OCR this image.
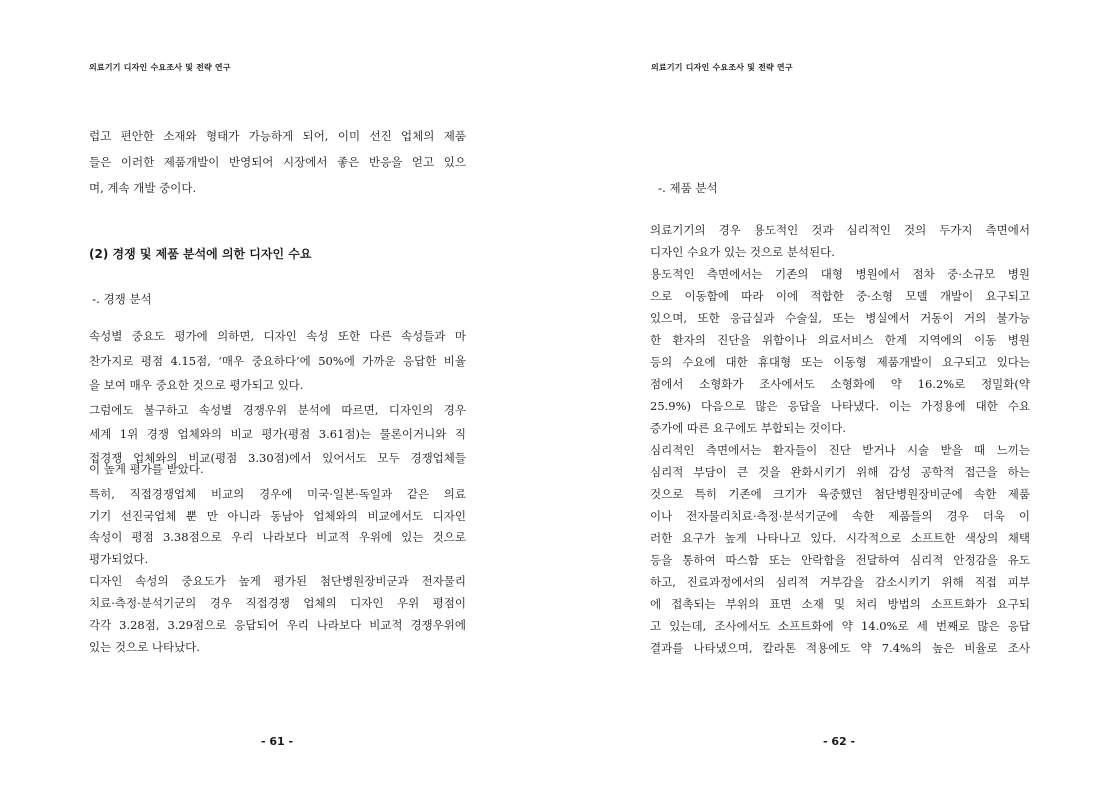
의료기기 디자인 수요조사 및 전략 연구
럽고 편안한 소재와 형태가 가능하게 되어, 이미 선진 업체의 제품
들은 이러한 제품개발이 반영되어 시장에서 좋은 반응을 얻고 있으
며, 계속 개발 중이다.
(2) 경쟁 및 제품 분석에 의한 디자인 수요
-. 경쟁 분석
속성별 중요도 평가에 의하면, 디자인 속성 또한 다른 속성들과 마
찬가지로 평점 4.15점, ‘매우 중요하다’에 50%에 가까운 응답한 비율
을 보여 매우 중요한 것으로 평가되고 있다.
그럼에도 불구하고 속성별 경쟁우위 분석에 따르면, 디자인의 경우
세계 1위 경쟁 업체와의 비교 평가(평점 3.61점)는 물론이거니와 직
접경쟁 업체와의 비교(평점 3.30점)에서 있어서도 모두 경쟁업체들
이 높게 평가를 받았다.
특히, 직접경쟁업체 비교의 경우에 미국·일본·독일과 같은 의료
기기 선진국업체 뿐 만 아니라 동남아 업체와의 비교에서도 디자인
속성이 평점 3.38점으로 우리 나라보다 비교적 우위에 있는 것으로
평가되었다.
디자인 속성의 중요도가 높게 평가된 첨단병원장비군과 전자물리
치료·측정·분석기군의 경우 직접경쟁 업체의 디자인 우위 평점이
각각 3.28점, 3.29점으로 응답되어 우리 나라보다 비교적 경쟁우위에
있는 것으로 나타났다.
- 61 -
의료기기 디자인 수요조사 및 전략 연구
-. 제품 분석
의료기기의 경우 용도적인 것과 심리적인 것의 두가지 측면에서
디자인 수요가 있는 것으로 분석된다.
용도적인 측면에서는 기존의 대형 병원에서 점차 중·소규모 병원
으로 이동함에 따라 이에 적합한 중·소형 모델 개발이 요구되고
있으며, 또한 응급실과 수술실, 또는 병실에서 거동이 거의 불가능
한 환자의 진단을 위함이나 의료서비스 한계 지역에의 이동 병원
등의 수요에 대한 휴대형 또는 이동형 제품개발이 요구되고 있다는
점에서 소형화가 조사에서도 소형화에 약 16.2%로 정밀화(약
25.9%) 다음으로 많은 응답을 나타냈다. 이는 가정용에 대한 수요
증가에 따른 요구에도 부합되는 것이다.
심리적인 측면에서는 환자들이 진단 받거나 시술 받을 때 느끼는
심리적 부담이 큰 것을 완화시키기 위해 감성 공학적 접근을 하는
것으로 특히 기존에 크기가 육중했던 첨단병원장비군에 속한 제품
이나 전자물리치료·측정·분석기군에 속한 제품들의 경우 더욱 이
러한 요구가 높게 나타나고 있다. 시각적으로 소프트한 색상의 채택
등을 통하여 따스함 또는 안락함을 전달하여 심리적 안정감을 유도
하고, 진료과정에서의 심리적 거부감을 감소시키기 위해 직접 피부
에 접촉되는 부위의 표면 소재 및 처리 방법의 소프트화가 요구되
고 있는데, 조사에서도 소프트화에 약 14.0%로 세 번째로 많은 응답
결과를 나타냈으며, 칼라톤 적용에도 약 7.4%의 높은 비율로 조사
- 62 -
